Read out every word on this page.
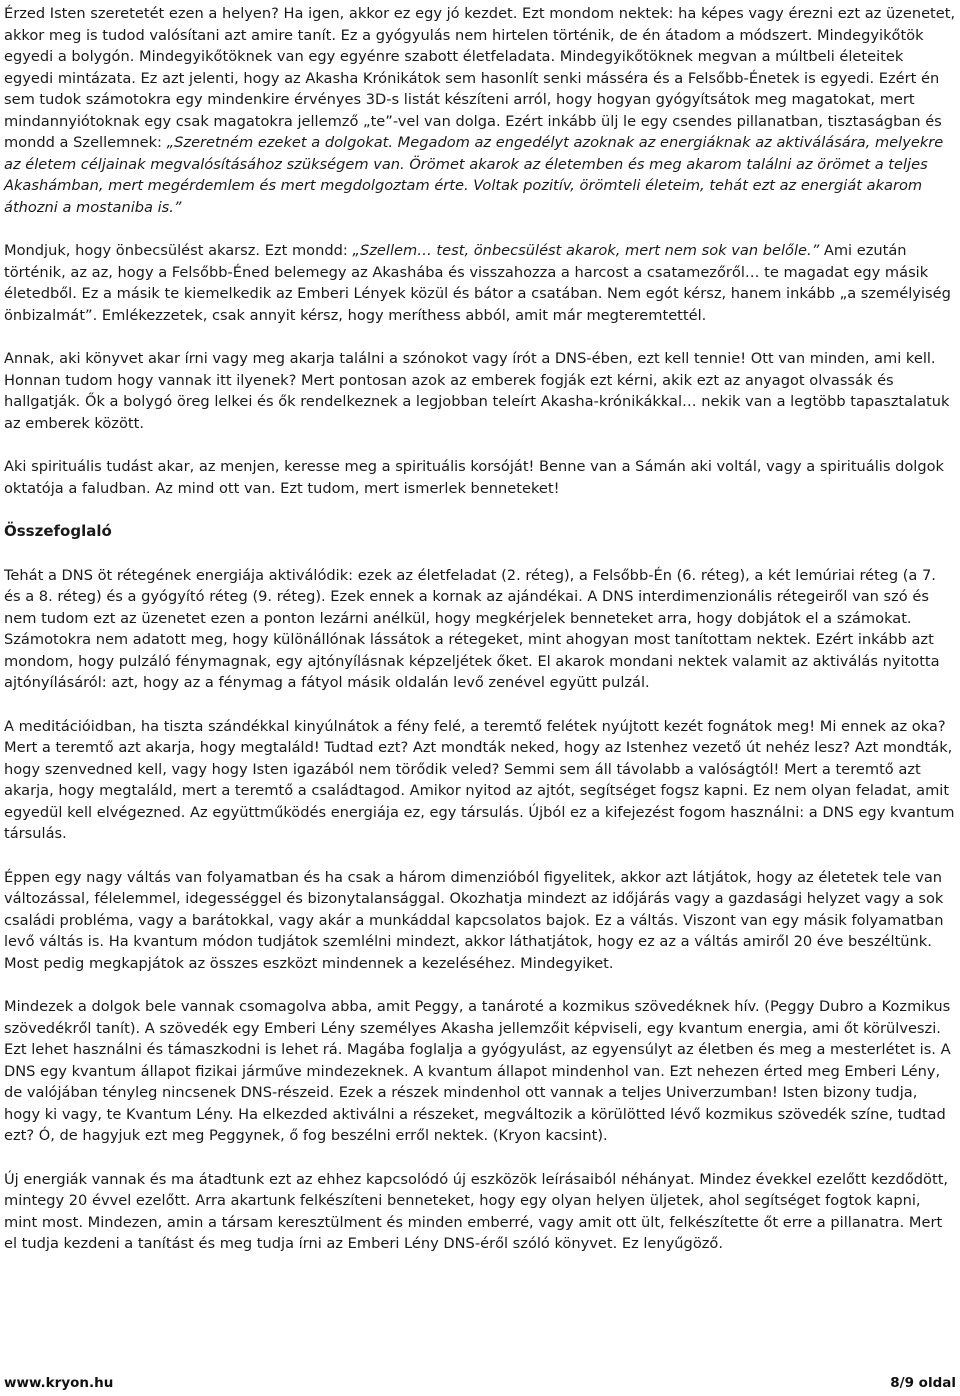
Érzed Isten szeretetét ezen a helyen? Ha igen, akkor ez egy jó kezdet. Ezt mondom nektek: ha képes vagy érezni ezt az üzenetet, akkor meg is tudod valósítani azt amire tanít. Ez a gyógyulás nem hirtelen történik, de én átadom a módszert. Mindegyikőtök egyedi a bolygón. Mindegyikőtöknek van egy egyénre szabott életfeladata. Mindegyikőtöknek megvan a múltbeli életeitek egyedi mintázata. Ez azt jelenti, hogy az Akasha Krónikátok sem hasonlít senki másséra és a Felsőbb-Énetek is egyedi. Ezért én sem tudok számotokra egy mindenkire érvényes 3D-s listát készíteni arról, hogy hogyan gyógyítsátok meg magatokat, mert mindannyiótoknak egy csak magatokra jellemző „te”-vel van dolga. Ezért inkább ülj le egy csendes pillanatban, tisztaságban és mondd a Szellemnek: „Szeretném ezeket a dolgokat. Megadom az engedélyt azoknak az energiáknak az aktiválására, melyekre az életem céljainak megvalósításához szükségem van. Örömet akarok az életemben és meg akarom találni az örömet a teljes Akashámban, mert megérdemlem és mert megdolgoztam érte. Voltak pozitív, örömteli életeim, tehát ezt az energiát akarom áthozni a mostaniba is.”

Mondjuk, hogy önbecsülést akarsz. Ezt mondd: „Szellem… test, önbecsülést akarok, mert nem sok van belőle.” Ami ezután történik, az az, hogy a Felsőbb-Éned belemegy az Akashába és visszahozza a harcost a csatamezőről… te magadat egy másik életedből. Ez a másik te kiemelkedik az Emberi Lények közül és bátor a csatában. Nem egót kérsz, hanem inkább „a személyiség önbizalmát”. Emlékezzetek, csak annyit kérsz, hogy meríthess abból, amit már megteremtettél.

Annak, aki könyvet akar írni vagy meg akarja találni a szónokot vagy írót a DNS-ében, ezt kell tennie! Ott van minden, ami kell. Honnan tudom hogy vannak itt ilyenek? Mert pontosan azok az emberek fogják ezt kérni, akik ezt az anyagot olvassák és hallgatják. Ők a bolygó öreg lelkei és ők rendelkeznek a legjobban teleírt Akasha-krónikákkal… nekik van a legtöbb tapasztalatuk az emberek között.

Aki spirituális tudást akar, az menjen, keresse meg a spirituális korsóját! Benne van a Sámán aki voltál, vagy a spirituális dolgok oktatója a faludban. Az mind ott van. Ezt tudom, mert ismerlek benneteket!

Összefoglaló

Tehát a DNS öt rétegének energiája aktiválódik: ezek az életfeladat (2. réteg), a Felsőbb-Én (6. réteg), a két lemúriai réteg (a 7. és a 8. réteg) és a gyógyító réteg (9. réteg). Ezek ennek a kornak az ajándékai. A DNS interdimenzionális rétegeiről van szó és nem tudom ezt az üzenetet ezen a ponton lezárni anélkül, hogy megkérjelek benneteket arra, hogy dobjátok el a számokat. Számotokra nem adatott meg, hogy különállónak lássátok a rétegeket, mint ahogyan most tanítottam nektek. Ezért inkább azt mondom, hogy pulzáló fénymagnak, egy ajtónyílásnak képzeljétek őket. El akarok mondani nektek valamit az aktiválás nyitotta ajtónyílásáról: azt, hogy az a fénymag a fátyol másik oldalán levő zenével együtt pulzál.

A meditációidban, ha tiszta szándékkal kinyúlnátok a fény felé, a teremtő felétek nyújtott kezét fognátok meg! Mi ennek az oka? Mert a teremtő azt akarja, hogy megtaláld! Tudtad ezt? Azt mondták neked, hogy az Istenhez vezető út nehéz lesz? Azt mondták, hogy szenvedned kell, vagy hogy Isten igazából nem törődik veled? Semmi sem áll távolabb a valóságtól! Mert a teremtő azt akarja, hogy megtaláld, mert a teremtő a családtagod. Amikor nyitod az ajtót, segítséget fogsz kapni. Ez nem olyan feladat, amit egyedül kell elvégezned. Az együttműködés energiája ez, egy társulás. Újból ez a kifejezést fogom használni: a DNS egy kvantum társulás.

Éppen egy nagy váltás van folyamatban és ha csak a három dimenzióból figyelitek, akkor azt látjátok, hogy az életetek tele van változással, félelemmel, idegességgel és bizonytalansággal. Okozhatja mindezt az időjárás vagy a gazdasági helyzet vagy a sok családi probléma, vagy a barátokkal, vagy akár a munkáddal kapcsolatos bajok. Ez a váltás. Viszont van egy másik folyamatban levő váltás is. Ha kvantum módon tudjátok szemlélni mindezt, akkor láthatjátok, hogy ez az a váltás amiről 20 éve beszéltünk. Most pedig megkapjátok az összes eszközt mindennek a kezeléséhez. Mindegyiket.

Mindezek a dolgok bele vannak csomagolva abba, amit Peggy, a tanároté a kozmikus szövedéknek hív. (Peggy Dubro a Kozmikus szövedékről tanít). A szövedék egy Emberi Lény személyes Akasha jellemzőit képviseli, egy kvantum energia, ami őt körülveszi. Ezt lehet használni és támaszkodni is lehet rá. Magába foglalja a gyógyulást, az egyensúlyt az életben és meg a mesterlétet is. A DNS egy kvantum állapot fizikai járműve mindezeknek. A kvantum állapot mindenhol van. Ezt nehezen érted meg Emberi Lény, de valójában tényleg nincsenek DNS-részeid. Ezek a részek mindenhol ott vannak a teljes Univerzumban! Isten bizony tudja, hogy ki vagy, te Kvantum Lény. Ha elkezded aktiválni a részeket, megváltozik a körülötted lévő kozmikus szövedék színe, tudtad ezt? Ó, de hagyjuk ezt meg Peggynek, ő fog beszélni erről nektek. (Kryon kacsint).

Új energiák vannak és ma átadtunk ezt az ehhez kapcsolódó új eszközök leírásaiból néhányat. Mindez évekkel ezelőtt kezdődött, mintegy 20 évvel ezelőtt. Arra akartunk felkészíteni benneteket, hogy egy olyan helyen üljetek, ahol segítséget fogtok kapni, mint most. Mindezen, amin a társam keresztülment és minden emberré, vagy amit ott ült, felkészítette őt erre a pillanatra. Mert el tudja kezdeni a tanítást és meg tudja írni az Emberi Lény DNS-éről szóló könyvet. Ez lenyűgöző.

www.kryon.hu	8/9 oldal
